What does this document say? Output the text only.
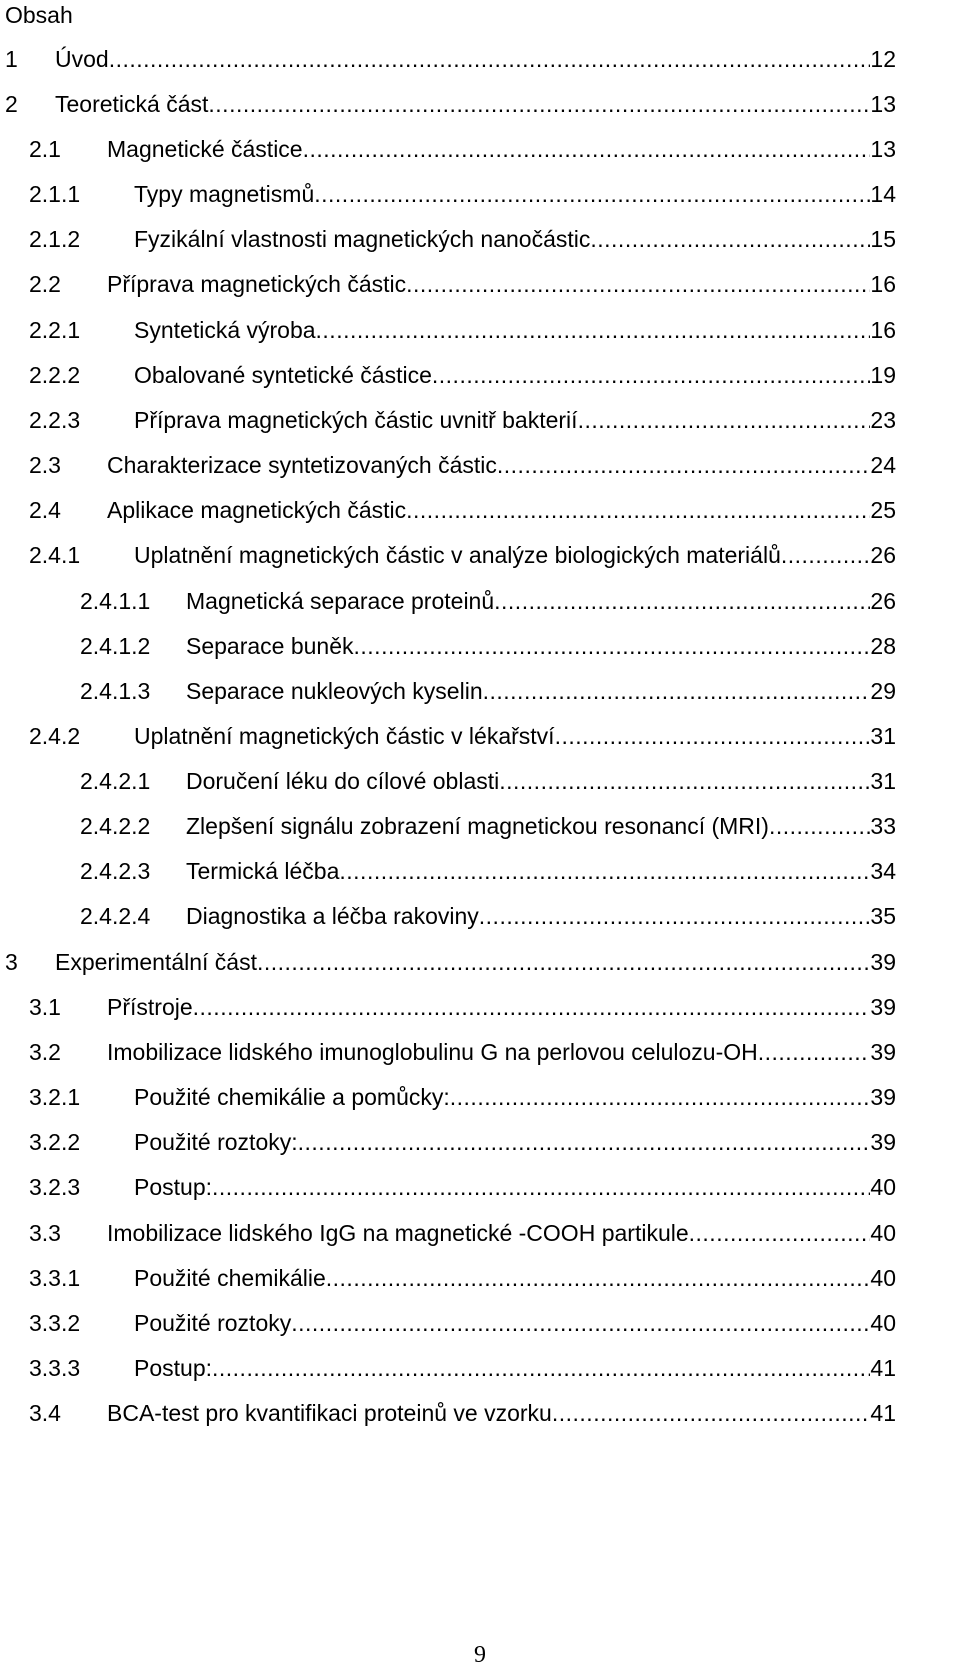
Obsah
1 Úvod .....	12
2 Teoretická část .....	13
2.1 Magnetické částice .....	13
2.1.1 Typy magnetismů .....	14
2.1.2 Fyzikální vlastnosti magnetických nanočástic .....	15
2.2 Příprava magnetických částic .....	16
2.2.1 Syntetická výroba .....	16
2.2.2 Obalované syntetické částice .....	19
2.2.3 Příprava magnetických částic uvnitř bakterií .....	23
2.3 Charakterizace syntetizovaných částic .....	24
2.4 Aplikace magnetických částic .....	25
2.4.1 Uplatnění magnetických částic v analýze biologických materiálů .....	26
2.4.1.1 Magnetická separace proteinů .....	26
2.4.1.2 Separace buněk .....	28
2.4.1.3 Separace nukleových kyselin .....	29
2.4.2 Uplatnění magnetických částic v lékařství .....	31
2.4.2.1 Doručení léku do cílové oblasti .....	31
2.4.2.2 Zlepšení signálu zobrazení magnetickou resonancí (MRI) .....	33
2.4.2.3 Termická léčba .....	34
2.4.2.4 Diagnostika a léčba rakoviny .....	35
3 Experimentální část .....	39
3.1 Přístroje .....	39
3.2 Imobilizace lidského imunoglobulinu G na perlovou celulozu-OH .....	39
3.2.1 Použité chemikálie a pomůcky: .....	39
3.2.2 Použité roztoky: .....	39
3.2.3 Postup: .....	40
3.3 Imobilizace lidského IgG na magnetické -COOH partikule .....	40
3.3.1 Použité chemikálie .....	40
3.3.2 Použité roztoky .....	40
3.3.3 Postup: .....	41
3.4 BCA-test pro kvantifikaci proteinů ve vzorku .....	41
9
